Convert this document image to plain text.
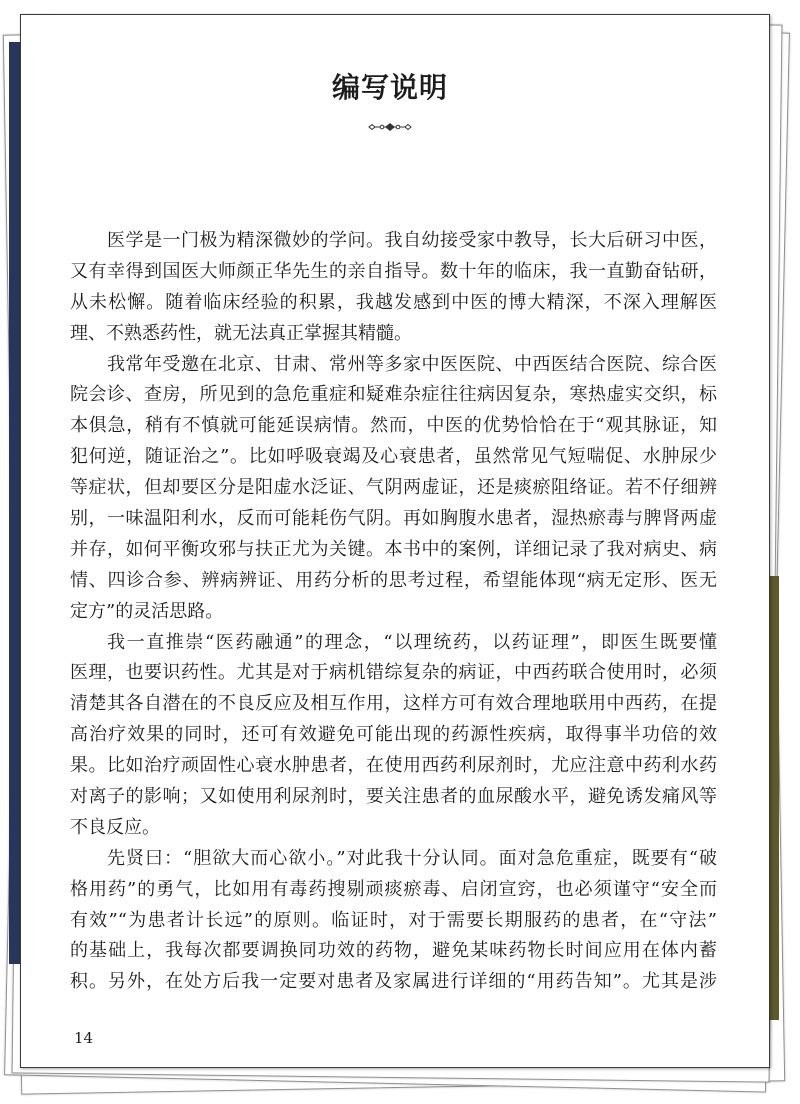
编写说明
医学是一门极为精深微妙的学问。我自幼接受家中教导，长大后研习中医，
又有幸得到国医大师颜正华先生的亲自指导。数十年的临床，我一直勤奋钻研，
从未松懈。随着临床经验的积累，我越发感到中医的博大精深，不深入理解医
理、不熟悉药性，就无法真正掌握其精髓。
我常年受邀在北京、甘肃、常州等多家中医医院、中西医结合医院、综合医
院会诊、查房，所见到的急危重症和疑难杂症往往病因复杂，寒热虚实交织，标
本俱急，稍有不慎就可能延误病情。然而，中医的优势恰恰在于“观其脉证，知
犯何逆，随证治之”。比如呼吸衰竭及心衰患者，虽然常见气短喘促、水肿尿少
等症状，但却要区分是阳虚水泛证、气阴两虚证，还是痰瘀阻络证。若不仔细辨
别，一味温阳利水，反而可能耗伤气阴。再如胸腹水患者，湿热瘀毒与脾肾两虚
并存，如何平衡攻邪与扶正尤为关键。本书中的案例，详细记录了我对病史、病
情、四诊合参、辨病辨证、用药分析的思考过程，希望能体现“病无定形、医无
定方”的灵活思路。
我一直推崇“医药融通”的理念，“以理统药，以药证理”，即医生既要懂
医理，也要识药性。尤其是对于病机错综复杂的病证，中西药联合使用时，必须
清楚其各自潜在的不良反应及相互作用，这样方可有效合理地联用中西药，在提
高治疗效果的同时，还可有效避免可能出现的药源性疾病，取得事半功倍的效
果。比如治疗顽固性心衰水肿患者，在使用西药利尿剂时，尤应注意中药利水药
对离子的影响；又如使用利尿剂时，要关注患者的血尿酸水平，避免诱发痛风等
不良反应。
先贤曰：“胆欲大而心欲小。”对此我十分认同。面对急危重症，既要有“破
格用药”的勇气，比如用有毒药搜剔顽痰瘀毒、启闭宣窍，也必须谨守“安全而
有效”“为患者计长远”的原则。临证时，对于需要长期服药的患者，在“守法”
的基础上，我每次都要调换同功效的药物，避免某味药物长时间应用在体内蓄
积。另外，在处方后我一定要对患者及家属进行详细的“用药告知”。尤其是涉
14
